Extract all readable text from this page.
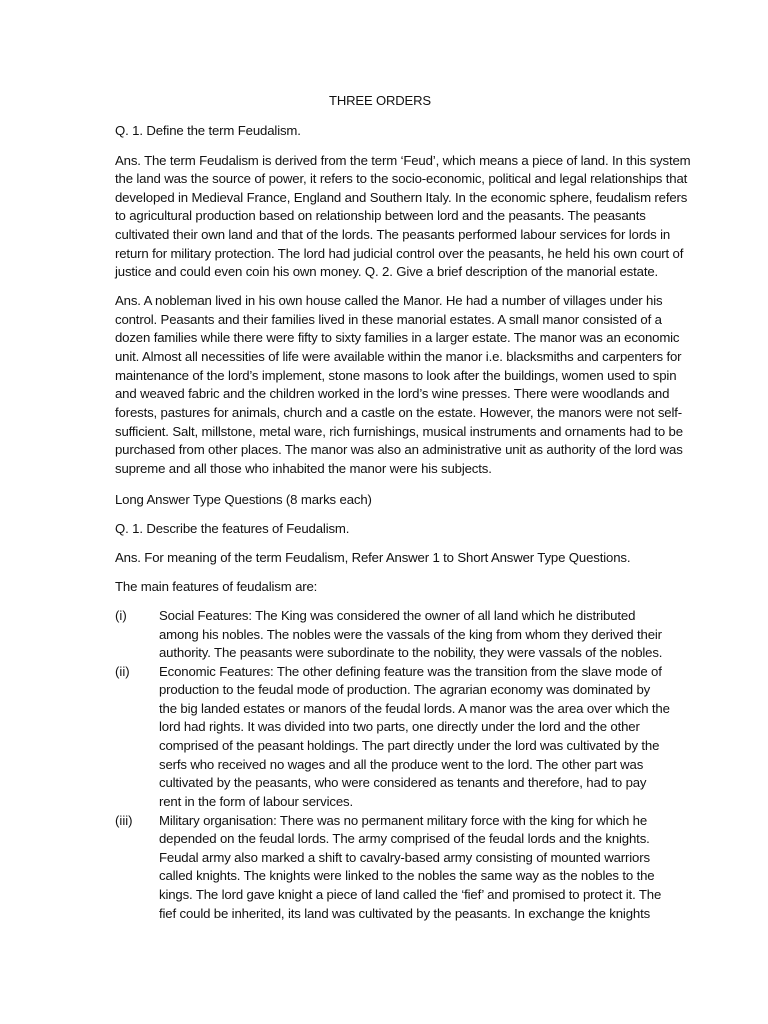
THREE ORDERS
Q. 1. Define the term Feudalism.
Ans. The term Feudalism is derived from the term ‘Feud’, which means a piece of land. In this system
the land was the source of power, it refers to the socio-economic, political and legal relationships that
developed in Medieval France, England and Southern Italy. In the economic sphere, feudalism refers
to agricultural production based on relationship between lord and the peasants. The peasants
cultivated their own land and that of the lords. The peasants performed labour services for lords in
return for military protection. The lord had judicial control over the peasants, he held his own court of
justice and could even coin his own money. Q. 2. Give a brief description of the manorial estate.
Ans. A nobleman lived in his own house called the Manor. He had a number of villages under his
control. Peasants and their families lived in these manorial estates. A small manor consisted of a
dozen families while there were fifty to sixty families in a larger estate. The manor was an economic
unit. Almost all necessities of life were available within the manor i.e. blacksmiths and carpenters for
maintenance of the lord’s implement, stone masons to look after the buildings, women used to spin
and weaved fabric and the children worked in the lord’s wine presses. There were woodlands and
forests, pastures for animals, church and a castle on the estate. However, the manors were not self-
sufficient. Salt, millstone, metal ware, rich furnishings, musical instruments and ornaments had to be
purchased from other places. The manor was also an administrative unit as authority of the lord was
supreme and all those who inhabited the manor were his subjects.
Long Answer Type Questions (8 marks each)
Q. 1. Describe the features of Feudalism.
Ans. For meaning of the term Feudalism, Refer Answer 1 to Short Answer Type Questions.
The main features of feudalism are:
(i) Social Features: The King was considered the owner of all land which he distributed
among his nobles. The nobles were the vassals of the king from whom they derived their
authority. The peasants were subordinate to the nobility, they were vassals of the nobles.
(ii) Economic Features: The other defining feature was the transition from the slave mode of
production to the feudal mode of production. The agrarian economy was dominated by
the big landed estates or manors of the feudal lords. A manor was the area over which the
lord had rights. It was divided into two parts, one directly under the lord and the other
comprised of the peasant holdings. The part directly under the lord was cultivated by the
serfs who received no wages and all the produce went to the lord. The other part was
cultivated by the peasants, who were considered as tenants and therefore, had to pay
rent in the form of labour services.
(iii) Military organisation: There was no permanent military force with the king for which he
depended on the feudal lords. The army comprised of the feudal lords and the knights.
Feudal army also marked a shift to cavalry-based army consisting of mounted warriors
called knights. The knights were linked to the nobles the same way as the nobles to the
kings. The lord gave knight a piece of land called the ‘fief’ and promised to protect it. The
fief could be inherited, its land was cultivated by the peasants. In exchange the knights
